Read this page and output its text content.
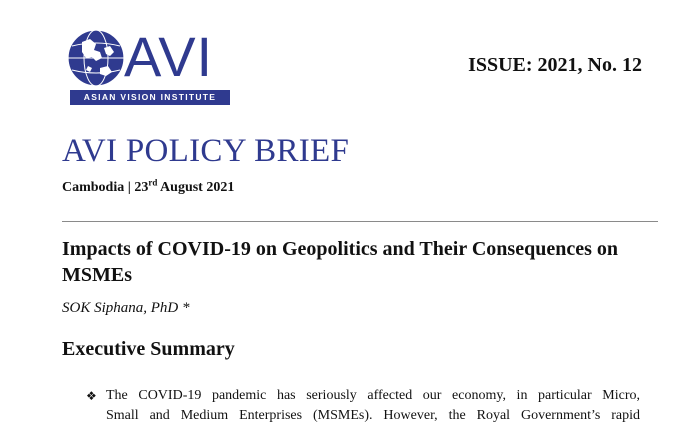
AVI
ASIAN VISION INSTITUTE
ISSUE: 2021, No. 12
AVI POLICY BRIEF
Cambodia | 23rd August 2021
Impacts of COVID-19 on Geopolitics and Their Consequences on MSMEs
SOK Siphana, PhD *
Executive Summary
❖ The COVID-19 pandemic has seriously affected our economy, in particular Micro,
Small and Medium Enterprises (MSMEs). However, the Royal Government’s rapid
